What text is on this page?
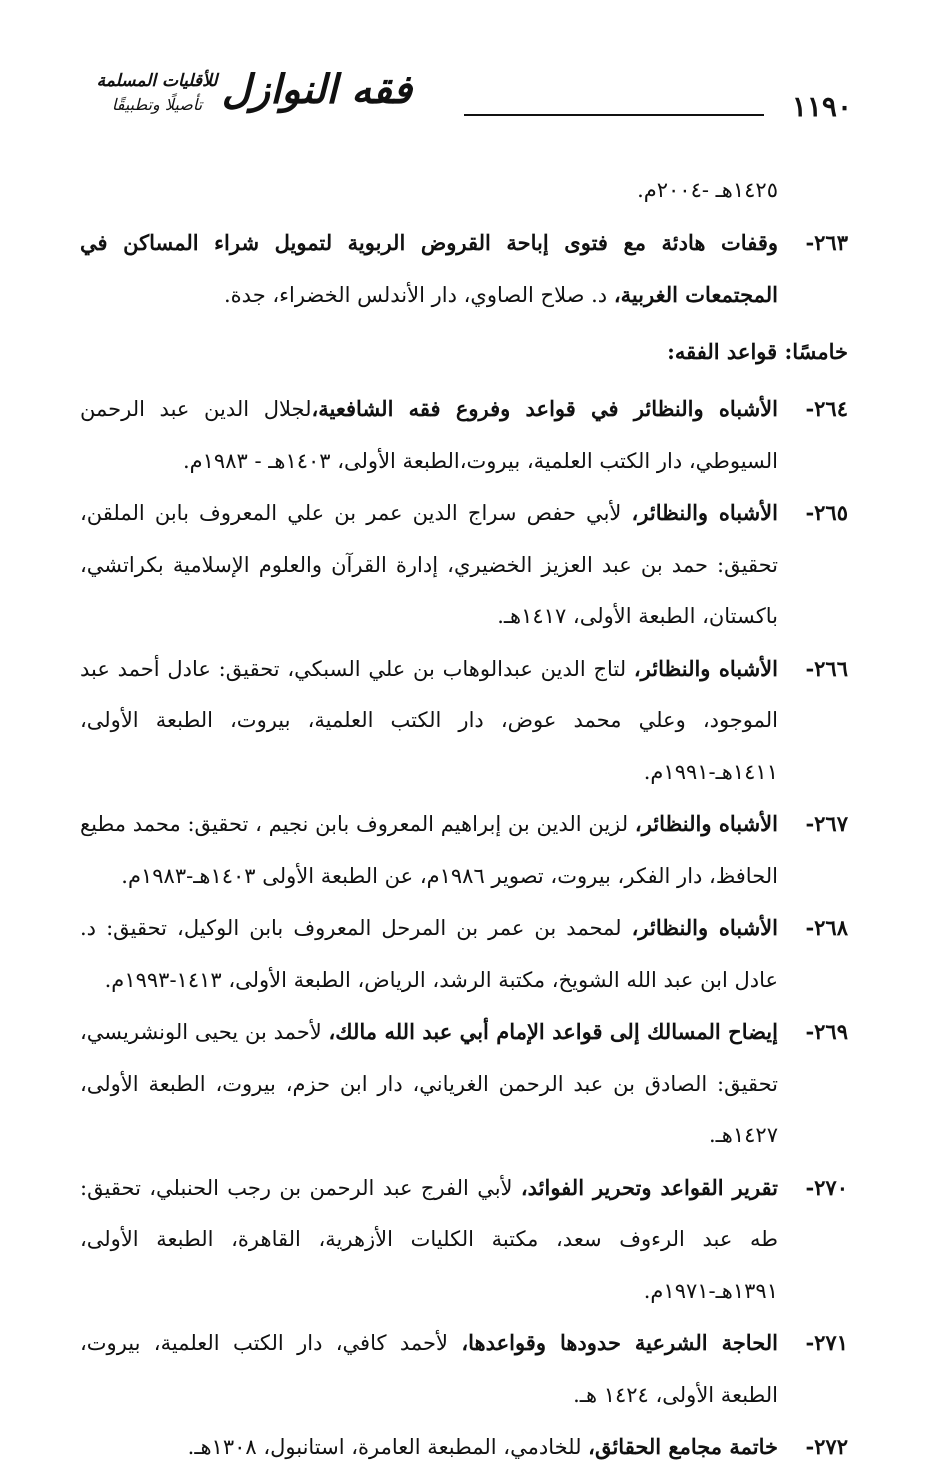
١١٩٠
فقه النوازل
للأقليات المسلمة
تأصيلًا وتطبيقًا

١٤٢٥هـ -٢٠٠٤م.

٢٦٣-
وقفات هادئة مع فتوى إباحة القروض الربوية لتمويل شراء المساكن في المجتمعات الغربية، د. صلاح الصاوي، دار الأندلس الخضراء، جدة.

خامسًا: قواعد الفقه:

٢٦٤-
الأشباه والنظائر في قواعد وفروع فقه الشافعية،لجلال الدين عبد الرحمن السيوطي، دار الكتب العلمية، بيروت،الطبعة الأولى، ١٤٠٣هـ - ١٩٨٣م.

٢٦٥-
الأشباه والنظائر، لأبي حفص سراج الدين عمر بن علي المعروف بابن الملقن، تحقيق: حمد بن عبد العزيز الخضيري، إدارة القرآن والعلوم الإسلامية بكراتشي، باكستان، الطبعة الأولى، ١٤١٧هـ.

٢٦٦-
الأشباه والنظائر، لتاج الدين عبدالوهاب بن علي السبكي، تحقيق: عادل أحمد عبد الموجود، وعلي محمد عوض، دار الكتب العلمية، بيروت، الطبعة الأولى، ١٤١١هـ-١٩٩١م.

٢٦٧-
الأشباه والنظائر، لزين الدين بن إبراهيم المعروف بابن نجيم ، تحقيق: محمد مطيع الحافظ، دار الفكر، بيروت، تصوير ١٩٨٦م، عن الطبعة الأولى ١٤٠٣هـ-١٩٨٣م.

٢٦٨-
الأشباه والنظائر، لمحمد بن عمر بن المرحل المعروف بابن الوكيل، تحقيق: د. عادل ابن عبد الله الشويخ، مكتبة الرشد، الرياض، الطبعة الأولى، ١٤١٣-١٩٩٣م.

٢٦٩-
إيضاح المسالك إلى قواعد الإمام أبي عبد الله مالك، لأحمد بن يحيى الونشريسي، تحقيق: الصادق بن عبد الرحمن الغرياني، دار ابن حزم، بيروت، الطبعة الأولى، ١٤٢٧هـ.

٢٧٠-
تقرير القواعد وتحرير الفوائد، لأبي الفرج عبد الرحمن بن رجب الحنبلي، تحقيق: طه عبد الرءوف سعد، مكتبة الكليات الأزهرية، القاهرة، الطبعة الأولى، ١٣٩١هـ-١٩٧١م.

٢٧١-
الحاجة الشرعية حدودها وقواعدها، لأحمد كافي، دار الكتب العلمية، بيروت، الطبعة الأولى، ١٤٢٤ هـ.

٢٧٢-
خاتمة مجامع الحقائق، للخادمي، المطبعة العامرة، استانبول، ١٣٠٨هـ.
